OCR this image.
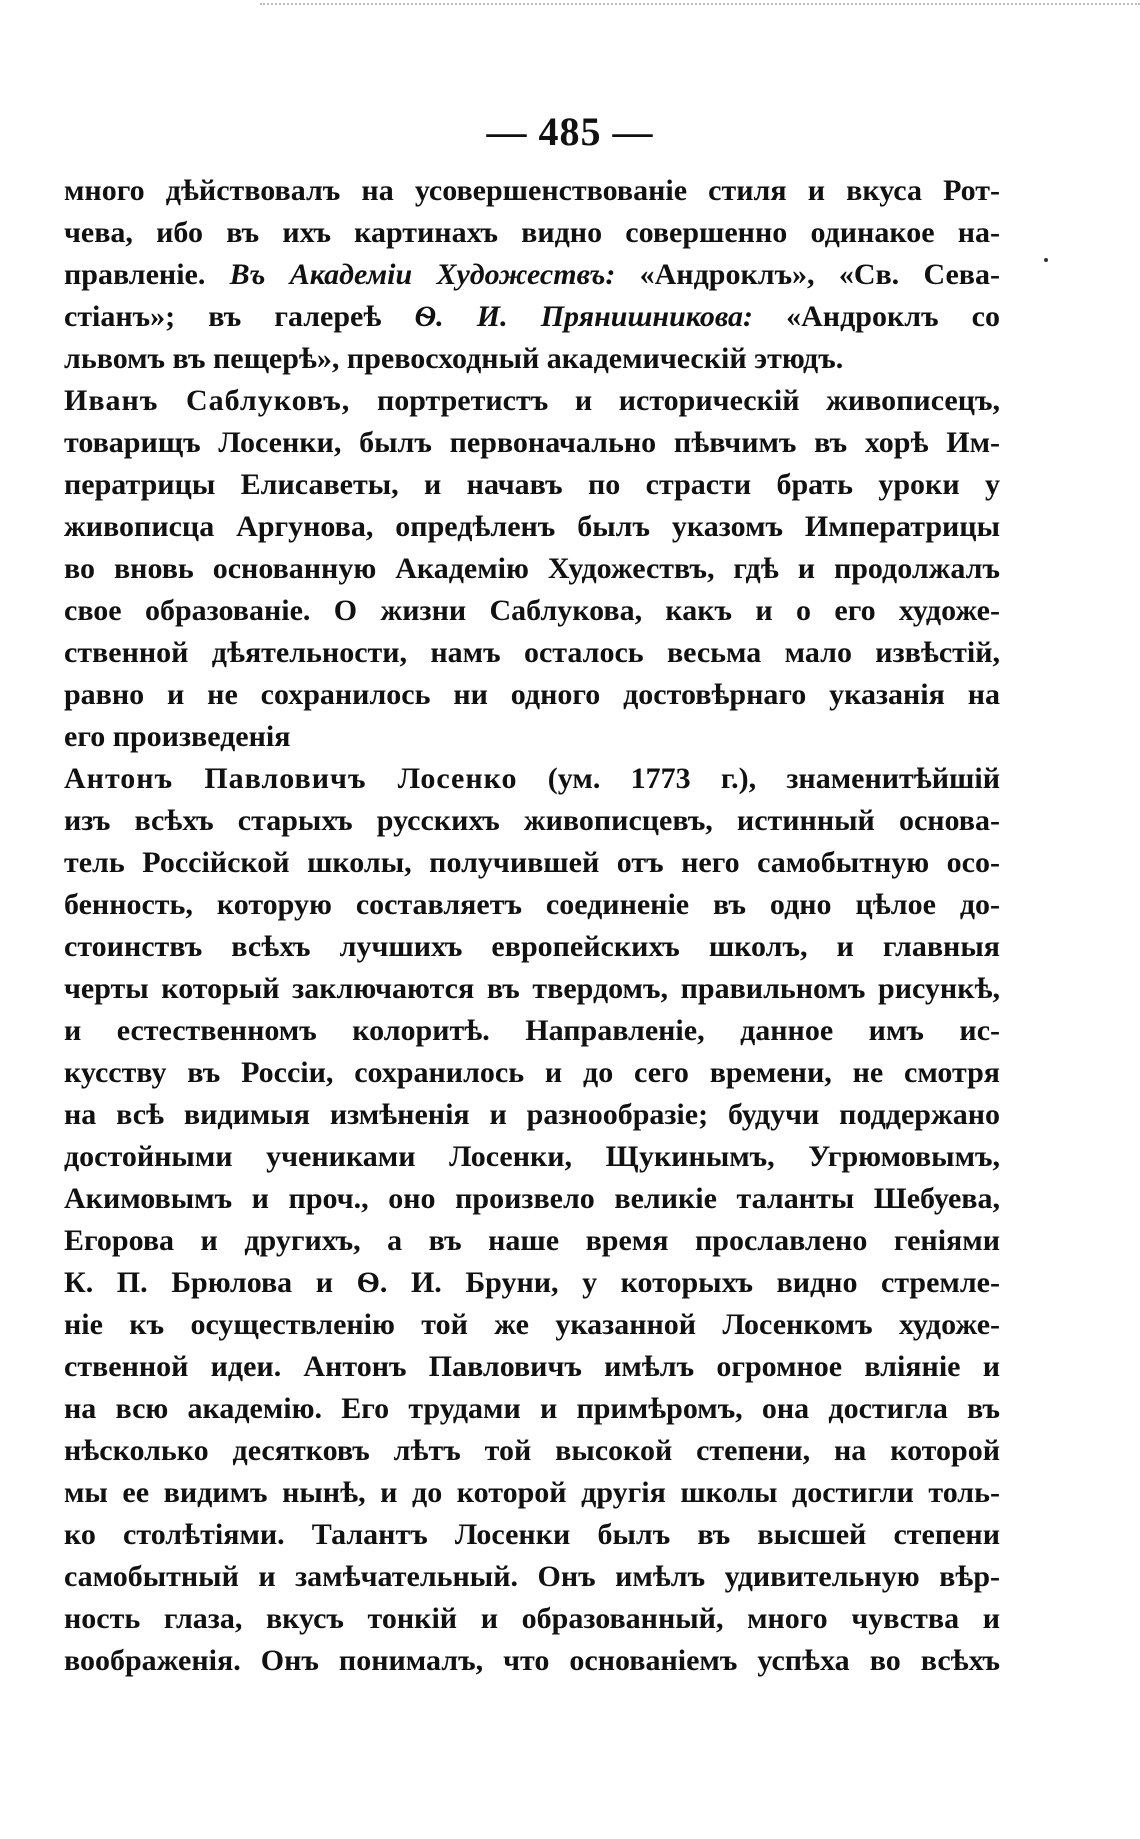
— 485 —
много дѣйствовалъ на усовершенствованіе стиля и вкуса Рот-
чева, ибо въ ихъ картинахъ видно совершенно одинакое на-
правленіе. Въ Академіи Художествъ: «Андроклъ», «Св. Сева-
стіанъ»; въ галереѣ Ѳ. И. Прянишникова: «Андроклъ со
львомъ въ пещерѣ», превосходный академическій этюдъ.
Иванъ Саблуковъ, портретистъ и историческій живописецъ,
товарищъ Лосенки, былъ первоначально пѣвчимъ въ хорѣ Им-
ператрицы Елисаветы, и начавъ по страсти брать уроки у
живописца Аргунова, опредѣленъ былъ указомъ Императрицы
во вновь основанную Академію Художествъ, гдѣ и продолжалъ
свое образованіе. О жизни Саблукова, какъ и о его художе-
ственной дѣятельности, намъ осталось весьма мало извѣстій,
равно и не сохранилось ни одного достовѣрнаго указанія на
его произведенія
Антонъ Павловичъ Лосенко (ум. 1773 г.), знаменитѣйшій
изъ всѣхъ старыхъ русскихъ живописцевъ, истинный основа-
тель Россійской школы, получившей отъ него самобытную осо-
бенность, которую составляетъ соединеніе въ одно цѣлое до-
стоинствъ всѣхъ лучшихъ европейскихъ школъ, и главныя
черты который заключаются въ твердомъ, правильномъ рисункѣ,
и естественномъ колоритѣ. Направленіе, данное имъ ис-
кусству въ Россіи, сохранилось и до сего времени, не смотря
на всѣ видимыя измѣненія и разнообразіе; будучи поддержано
достойными учениками Лосенки, Щукинымъ, Угрюмовымъ,
Акимовымъ и проч., оно произвело великіе таланты Шебуева,
Егорова и другихъ, а въ наше время прославлено геніями
К. П. Брюлова и Ѳ. И. Бруни, у которыхъ видно стремле-
ніе къ осуществленію той же указанной Лосенкомъ художе-
ственной идеи. Антонъ Павловичъ имѣлъ огромное вліяніе и
на всю академію. Его трудами и примѣромъ, она достигла въ
нѣсколько десятковъ лѣтъ той высокой степени, на которой
мы ее видимъ нынѣ, и до которой другія школы достигли толь-
ко столѣтіями. Талантъ Лосенки былъ въ высшей степени
самобытный и замѣчательный. Онъ имѣлъ удивительную вѣр-
ность глаза, вкусъ тонкій и образованный, много чувства и
воображенія. Онъ понималъ, что основаніемъ успѣха во всѣхъ
